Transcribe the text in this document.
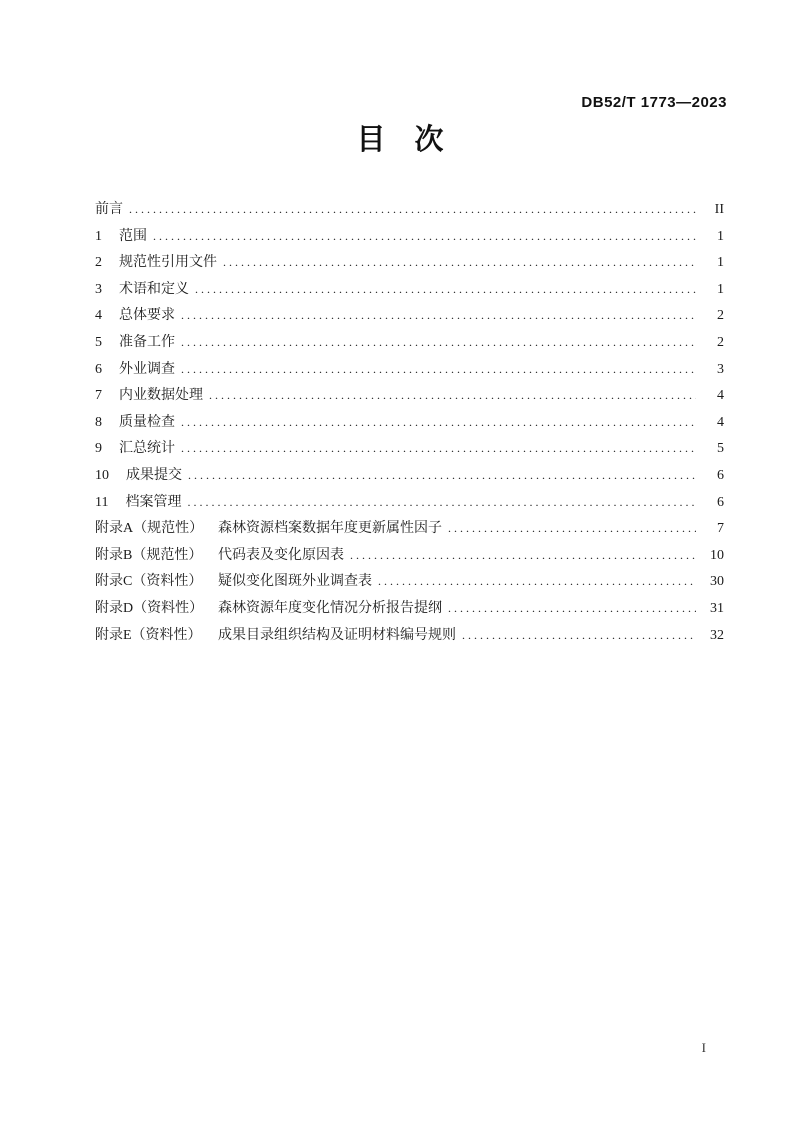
DB52/T 1773—2023
目　次
前言 .....	II
1 范围 .....	1
2 规范性引用文件 .....	1
3 术语和定义 .....	1
4 总体要求 .....	2
5 准备工作 .....	2
6 外业调查 .....	3
7 内业数据处理 .....	4
8 质量检查 .....	4
9 汇总统计 .....	5
10 成果提交 .....	6
11 档案管理 .....	6
附录A（规范性）	森林资源档案数据年度更新属性因子 .....	7
附录B（规范性）	代码表及变化原因表 .....	10
附录C（资料性）	疑似变化图斑外业调查表 .....	30
附录D（资料性）	森林资源年度变化情况分析报告提纲 .....	31
附录E（资料性）	成果目录组织结构及证明材料编号规则 .....	32
I
